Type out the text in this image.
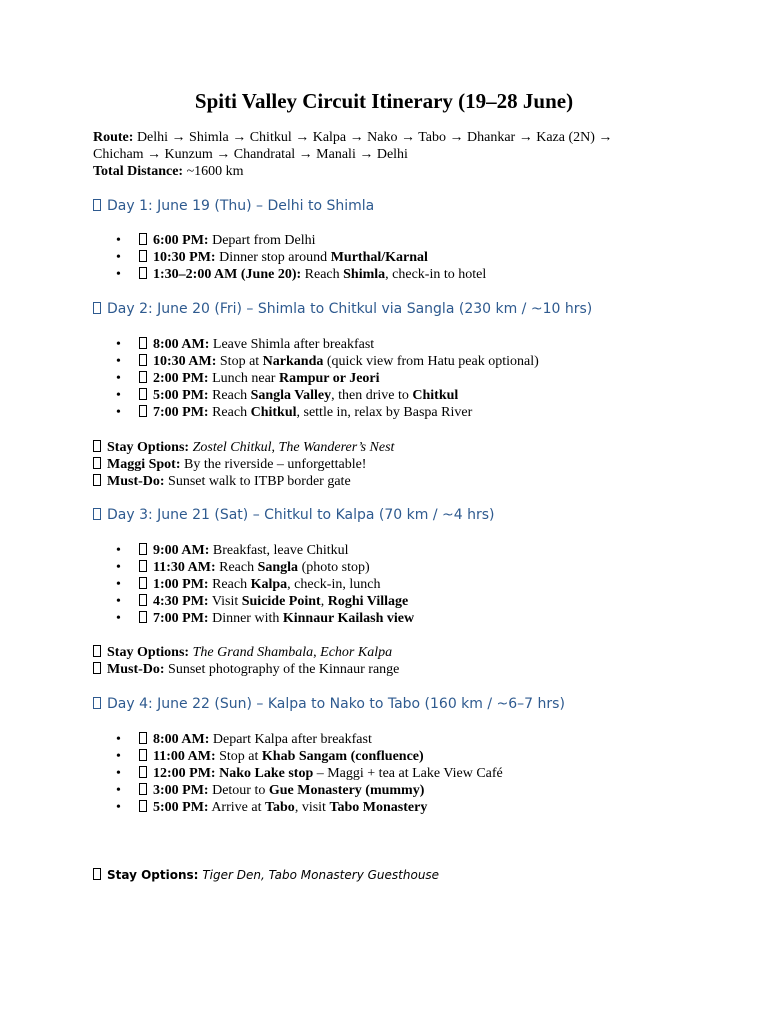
Spiti Valley Circuit Itinerary (19–28 June)
Route: Delhi → Shimla → Chitkul → Kalpa → Nako → Tabo → Dhankar → Kaza (2N) →
Chicham → Kunzum → Chandratal → Manali → Delhi
Total Distance: ~1600 km
Day 1: June 19 (Thu) – Delhi to Shimla
• 6:00 PM: Depart from Delhi
• 10:30 PM: Dinner stop around Murthal/Karnal
• 1:30–2:00 AM (June 20): Reach Shimla, check-in to hotel
Day 2: June 20 (Fri) – Shimla to Chitkul via Sangla (230 km / ~10 hrs)
• 8:00 AM: Leave Shimla after breakfast
• 10:30 AM: Stop at Narkanda (quick view from Hatu peak optional)
• 2:00 PM: Lunch near Rampur or Jeori
• 5:00 PM: Reach Sangla Valley, then drive to Chitkul
• 7:00 PM: Reach Chitkul, settle in, relax by Baspa River
Stay Options: Zostel Chitkul, The Wanderer’s Nest
Maggi Spot: By the riverside – unforgettable!
Must-Do: Sunset walk to ITBP border gate
Day 3: June 21 (Sat) – Chitkul to Kalpa (70 km / ~4 hrs)
• 9:00 AM: Breakfast, leave Chitkul
• 11:30 AM: Reach Sangla (photo stop)
• 1:00 PM: Reach Kalpa, check-in, lunch
• 4:30 PM: Visit Suicide Point, Roghi Village
• 7:00 PM: Dinner with Kinnaur Kailash view
Stay Options: The Grand Shambala, Echor Kalpa
Must-Do: Sunset photography of the Kinnaur range
Day 4: June 22 (Sun) – Kalpa to Nako to Tabo (160 km / ~6–7 hrs)
• 8:00 AM: Depart Kalpa after breakfast
• 11:00 AM: Stop at Khab Sangam (confluence)
• 12:00 PM: Nako Lake stop – Maggi + tea at Lake View Café
• 3:00 PM: Detour to Gue Monastery (mummy)
• 5:00 PM: Arrive at Tabo, visit Tabo Monastery
Stay Options: Tiger Den, Tabo Monastery Guesthouse
